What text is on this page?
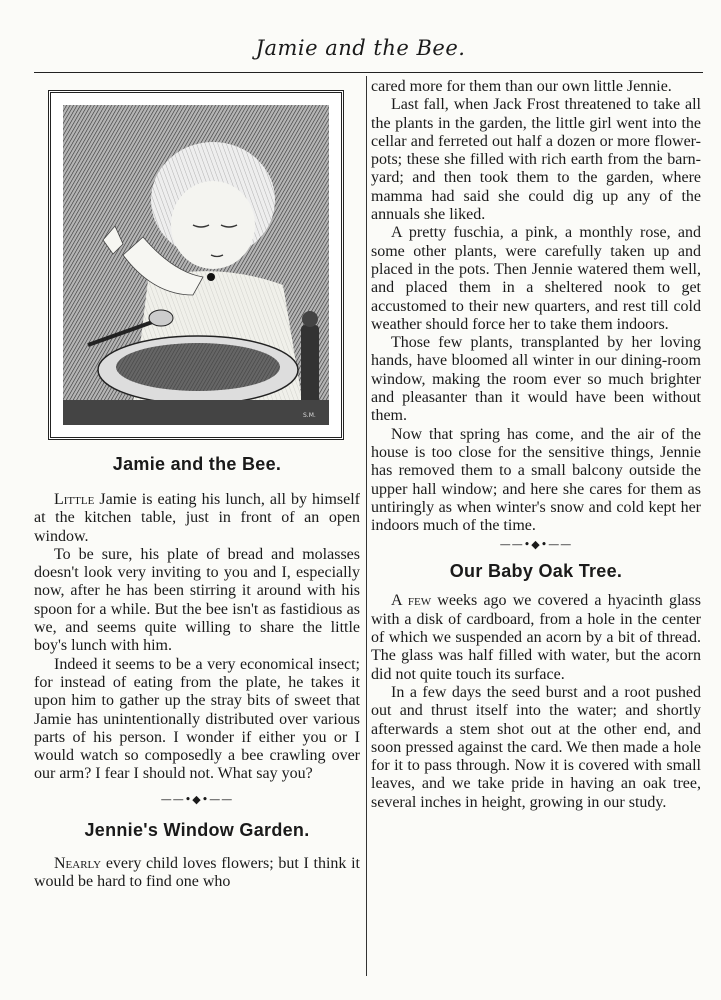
Jamie and the Bee.
S.M.
Jamie and the Bee.

Little Jamie is eating his lunch, all by himself at the kitchen table, just in front of an open window.

To be sure, his plate of bread and molasses doesn't look very inviting to you and I, especially now, after he has been stirring it around with his spoon for a while. But the bee isn't as fastidious as we, and seems quite willing to share the little boy's lunch with him.

Indeed it seems to be a very economical insect; for instead of eating from the plate, he takes it upon him to gather up the stray bits of sweet that Jamie has unintentionally distributed over various parts of his person. I wonder if either you or I would watch so composedly a bee crawling over our arm? I fear I should not. What say you?

——•◆•——
Jennie's Window Garden.

Nearly every child loves flowers; but I think it would be hard to find one who

cared more for them than our own little Jennie.

Last fall, when Jack Frost threatened to take all the plants in the garden, the little girl went into the cellar and ferreted out half a dozen or more flower-pots; these she filled with rich earth from the barn-yard; and then took them to the garden, where mamma had said she could dig up any of the annuals she liked.

A pretty fuschia, a pink, a monthly rose, and some other plants, were carefully taken up and placed in the pots. Then Jennie watered them well, and placed them in a sheltered nook to get accustomed to their new quarters, and rest till cold weather should force her to take them indoors.

Those few plants, transplanted by her loving hands, have bloomed all winter in our dining-room window, making the room ever so much brighter and pleasanter than it would have been without them.

Now that spring has come, and the air of the house is too close for the sensitive things, Jennie has removed them to a small balcony outside the upper hall window; and here she cares for them as untiringly as when winter's snow and cold kept her indoors much of the time.

——•◆•——
Our Baby Oak Tree.

A few weeks ago we covered a hyacinth glass with a disk of cardboard, from a hole in the center of which we suspended an acorn by a bit of thread. The glass was half filled with water, but the acorn did not quite touch its surface.

In a few days the seed burst and a root pushed out and thrust itself into the water; and shortly afterwards a stem shot out at the other end, and soon pressed against the card. We then made a hole for it to pass through. Now it is covered with small leaves, and we take pride in having an oak tree, several inches in height, growing in our study.
